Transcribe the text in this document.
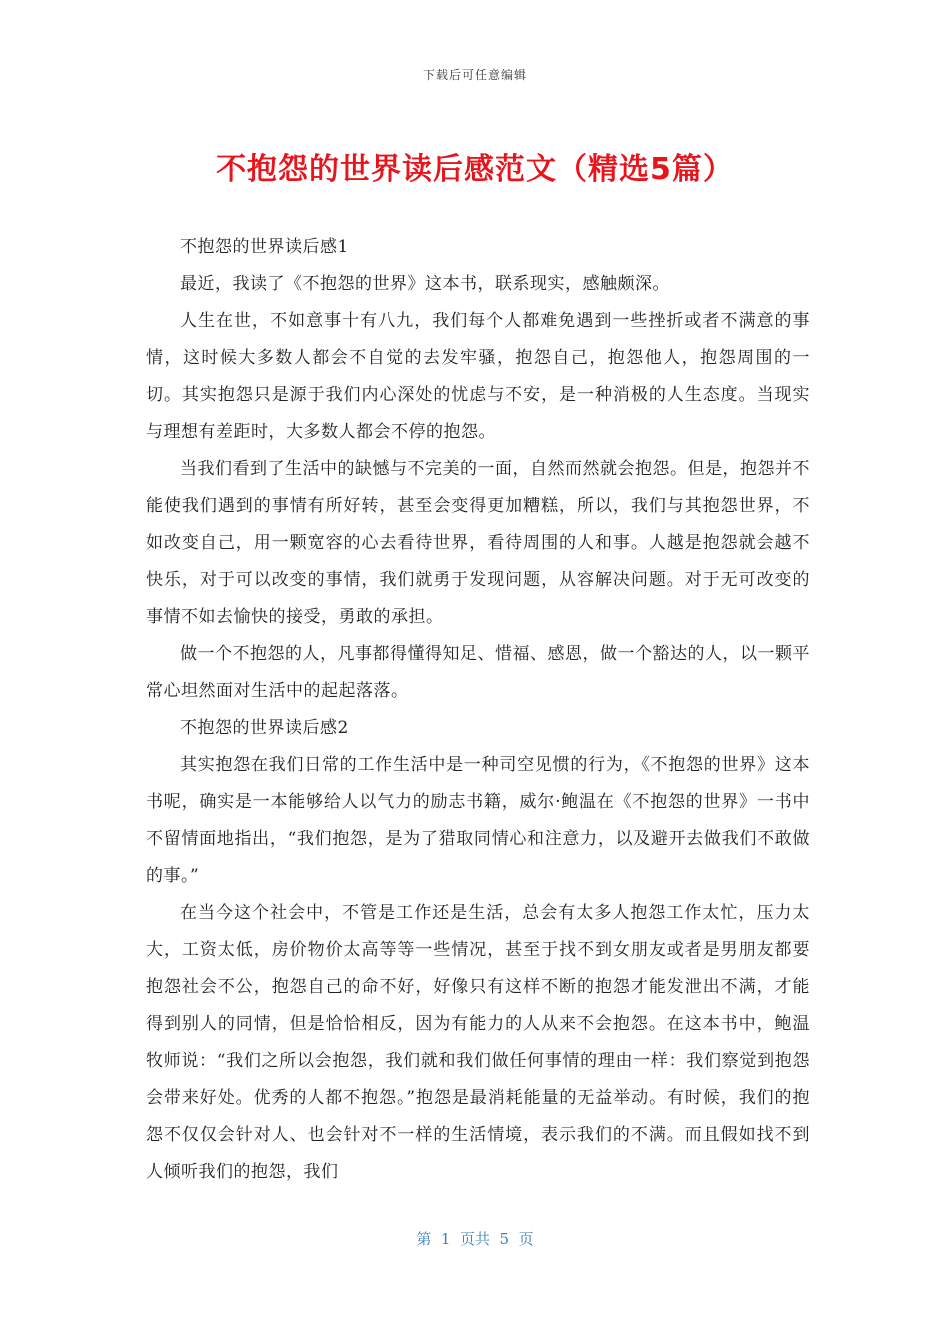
下载后可任意编辑
不抱怨的世界读后感范文（精选5篇）

不抱怨的世界读后感1

最近，我读了《不抱怨的世界》这本书，联系现实，感触颇深。

人生在世，不如意事十有八九，我们每个人都难免遇到一些挫折或者不满意的事情，这时候大多数人都会不自觉的去发牢骚，抱怨自己，抱怨他人，抱怨周围的一切。其实抱怨只是源于我们内心深处的忧虑与不安，是一种消极的人生态度。当现实与理想有差距时，大多数人都会不停的抱怨。

当我们看到了生活中的缺憾与不完美的一面，自然而然就会抱怨。但是，抱怨并不能使我们遇到的事情有所好转，甚至会变得更加糟糕，所以，我们与其抱怨世界，不如改变自己，用一颗宽容的心去看待世界，看待周围的人和事。人越是抱怨就会越不快乐，对于可以改变的事情，我们就勇于发现问题，从容解决问题。对于无可改变的事情不如去愉快的接受，勇敢的承担。

做一个不抱怨的人，凡事都得懂得知足、惜福、感恩，做一个豁达的人，以一颗平常心坦然面对生活中的起起落落。

不抱怨的世界读后感2

其实抱怨在我们日常的工作生活中是一种司空见惯的行为，《不抱怨的世界》这本书呢，确实是一本能够给人以气力的励志书籍，威尔·鲍温在《不抱怨的世界》一书中不留情面地指出，“我们抱怨，是为了猎取同情心和注意力，以及避开去做我们不敢做的事。”

在当今这个社会中，不管是工作还是生活，总会有太多人抱怨工作太忙，压力太大，工资太低，房价物价太高等等一些情况，甚至于找不到女朋友或者是男朋友都要抱怨社会不公，抱怨自己的命不好，好像只有这样不断的抱怨才能发泄出不满，才能得到别人的同情，但是恰恰相反，因为有能力的人从来不会抱怨。在这本书中，鲍温牧师说：“我们之所以会抱怨，我们就和我们做任何事情的理由一样：我们察觉到抱怨会带来好处。优秀的人都不抱怨。”抱怨是最消耗能量的无益举动。有时候，我们的抱怨不仅仅会针对人、也会针对不一样的生活情境，表示我们的不满。而且假如找不到人倾听我们的抱怨，我们

第  1  页共  5  页
